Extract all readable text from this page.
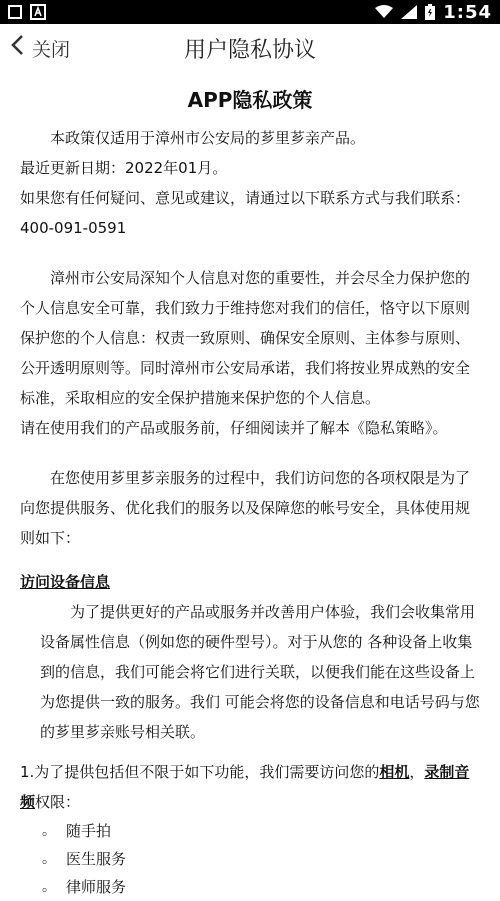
1:54
关闭	用户隐私协议
APP隐私政策
本政策仅适用于漳州市公安局的芗里芗亲产品。
最近更新日期：2022年01月。
如果您有任何疑问、意见或建议，请通过以下联系方式与我们联系：
400-091-0591
漳州市公安局深知个人信息对您的重要性，并会尽全力保护您的个人信息安全可靠，我们致力于维持您对我们的信任，恪守以下原则保护您的个人信息：权责一致原则、确保安全原则、主体参与原则、公开透明原则等。同时漳州市公安局承诺，我们将按业界成熟的安全标准，采取相应的安全保护措施来保护您的个人信息。
请在使用我们的产品或服务前，仔细阅读并了解本《隐私策略》。
在您使用芗里芗亲服务的过程中，我们访问您的各项权限是为了向您提供服务、优化我们的服务以及保障您的帐号安全，具体使用规则如下：
访问设备信息
为了提供更好的产品或服务并改善用户体验，我们会收集常用设备属性信息（例如您的硬件型号）。对于从您的 各种设备上收集到的信息，我们可能会将它们进行关联，以便我们能在这些设备上为您提供一致的服务。我们 可能会将您的设备信息和电话号码与您的芗里芗亲账号相关联。
1.为了提供包括但不限于如下功能，我们需要访问您的相机，录制音频权限：
。 随手拍
。 医生服务
。 律师服务
